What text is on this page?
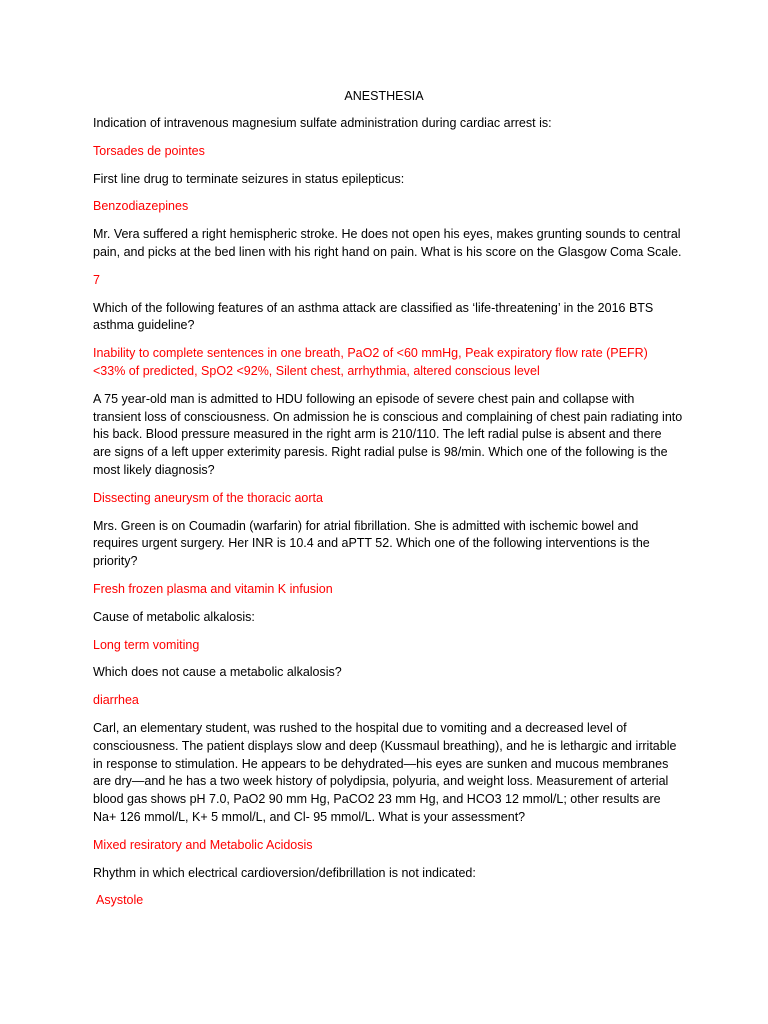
ANESTHESIA

Indication of intravenous magnesium sulfate administration during cardiac arrest is:

Torsades de pointes

First line drug to terminate seizures in status epilepticus:

Benzodiazepines

Mr. Vera suffered a right hemispheric stroke. He does not open his eyes, makes grunting sounds to central pain, and picks at the bed linen with his right hand on pain. What is his score on the Glasgow Coma Scale.

7

Which of the following features of an asthma attack are classified as ‘life-threatening’ in the 2016 BTS asthma guideline?

Inability to complete sentences in one breath, PaO2 of <60 mmHg, Peak expiratory flow rate (PEFR) <33% of predicted, SpO2 <92%, Silent chest, arrhythmia, altered conscious level

A 75 year-old man is admitted to HDU following an episode of severe chest pain and collapse with transient loss of consciousness. On admission he is conscious and complaining of chest pain radiating into his back. Blood pressure measured in the right arm is 210/110. The left radial pulse is absent and there are signs of a left upper exterimity paresis. Right radial pulse is 98/min. Which one of the following is the most likely diagnosis?

Dissecting aneurysm of the thoracic aorta

Mrs. Green is on Coumadin (warfarin) for atrial fibrillation. She is admitted with ischemic bowel and requires urgent surgery. Her INR is 10.4 and aPTT 52. Which one of the following interventions is the priority?

Fresh frozen plasma and vitamin K infusion

Cause of metabolic alkalosis:

Long term vomiting

Which does not cause a metabolic alkalosis?

diarrhea

Carl, an elementary student, was rushed to the hospital due to vomiting and a decreased level of consciousness. The patient displays slow and deep (Kussmaul breathing), and he is lethargic and irritable in response to stimulation. He appears to be dehydrated—his eyes are sunken and mucous membranes are dry—and he has a two week history of polydipsia, polyuria, and weight loss. Measurement of arterial blood gas shows pH 7.0, PaO2 90 mm Hg, PaCO2 23 mm Hg, and HCO3 12 mmol/L; other results are Na+ 126 mmol/L, K+ 5 mmol/L, and Cl- 95 mmol/L. What is your assessment?

Mixed resiratory and Metabolic Acidosis

Rhythm in which electrical cardioversion/defibrillation is not indicated:

Asystole
